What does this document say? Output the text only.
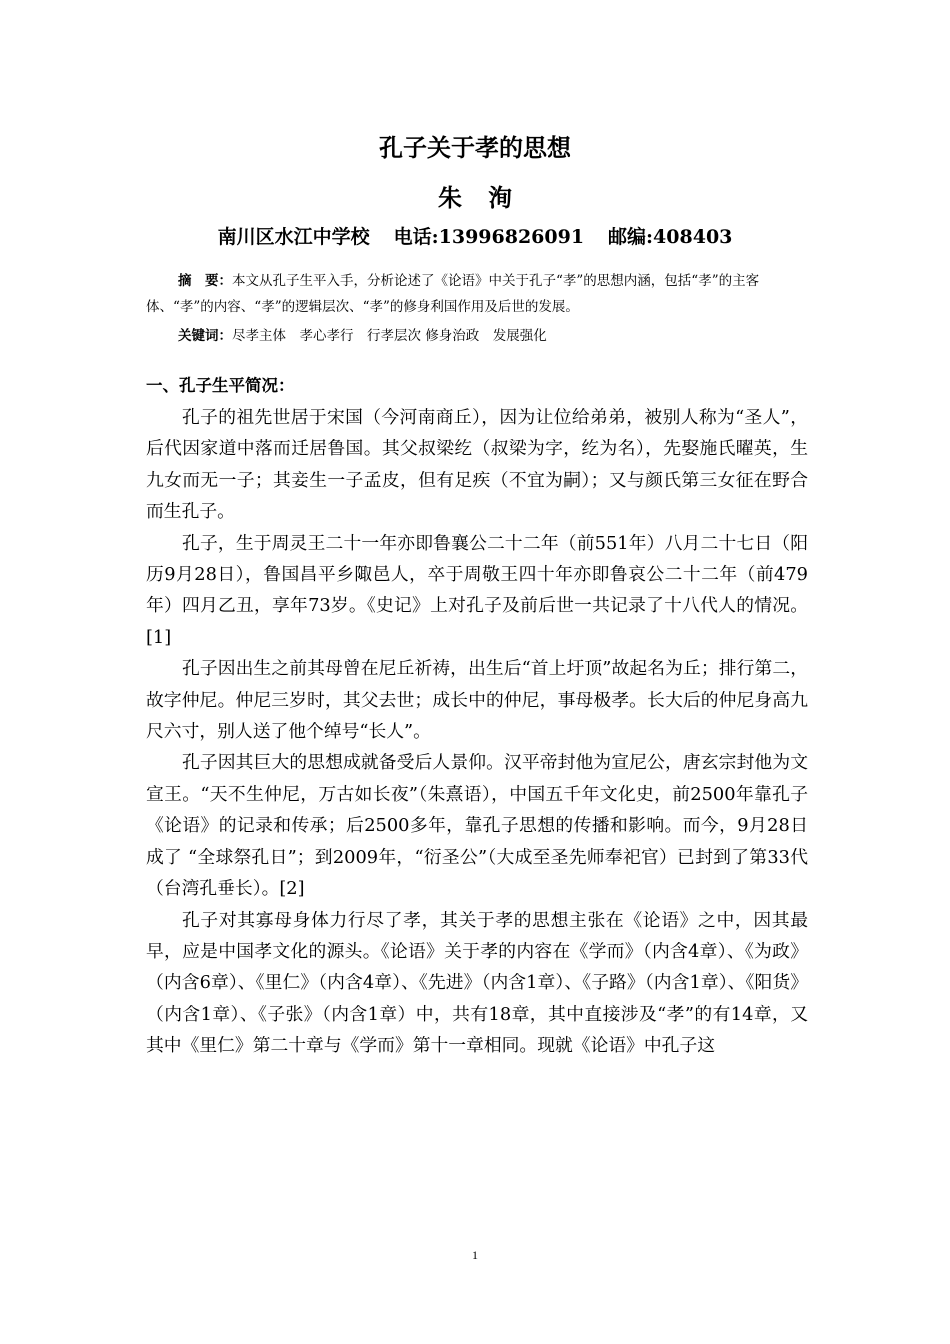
孔子关于孝的思想
朱洵
南川区水江中学校 电话:13996826091 邮编:408403
摘　要：本文从孔子生平入手，分析论述了《论语》中关于孔子“孝”的思想内涵，包括“孝”的主客体、“孝”的内容、“孝”的逻辑层次、“孝”的修身利国作用及后世的发展。
关键词：尽孝主体　孝心孝行　行孝层次 修身治政　发展强化
一、孔子生平简况：

孔子的祖先世居于宋国（今河南商丘），因为让位给弟弟，被别人称为“圣人”，后代因家道中落而迁居鲁国。其父叔梁纥（叔梁为字，纥为名），先娶施氏曜英，生九女而无一子；其妾生一子孟皮，但有足疾（不宜为嗣）；又与颜氏第三女征在野合而生孔子。

孔子，生于周灵王二十一年亦即鲁襄公二十二年（前551年）八月二十七日（阳历9月28日），鲁国昌平乡陬邑人，卒于周敬王四十年亦即鲁哀公二十二年（前479年）四月乙丑，享年73岁。《史记》上对孔子及前后世一共记录了十八代人的情况。[1]

孔子因出生之前其母曾在尼丘祈祷，出生后“首上圩顶”故起名为丘；排行第二，故字仲尼。仲尼三岁时，其父去世；成长中的仲尼，事母极孝。长大后的仲尼身高九尺六寸，别人送了他个绰号“长人”。

孔子因其巨大的思想成就备受后人景仰。汉平帝封他为宣尼公，唐玄宗封他为文宣王。“天不生仲尼，万古如长夜”（朱熹语），中国五千年文化史，前2500年靠孔子《论语》的记录和传承；后2500多年，靠孔子思想的传播和影响。而今，9月28日成了 “全球祭孔日”；到2009年，“衍圣公”（大成至圣先师奉祀官）已封到了第33代（台湾孔垂长）。[2]

孔子对其寡母身体力行尽了孝，其关于孝的思想主张在《论语》之中，因其最早，应是中国孝文化的源头。《论语》关于孝的内容在《学而》（内含4章）、《为政》（内含6章）、《里仁》（内含4章）、《先进》（内含1章）、《子路》（内含1章）、《阳货》（内含1章）、《子张》（内含1章）中，共有18章，其中直接涉及“孝”的有14章，又其中《里仁》第二十章与《学而》第十一章相同。现就《论语》中孔子这

1
